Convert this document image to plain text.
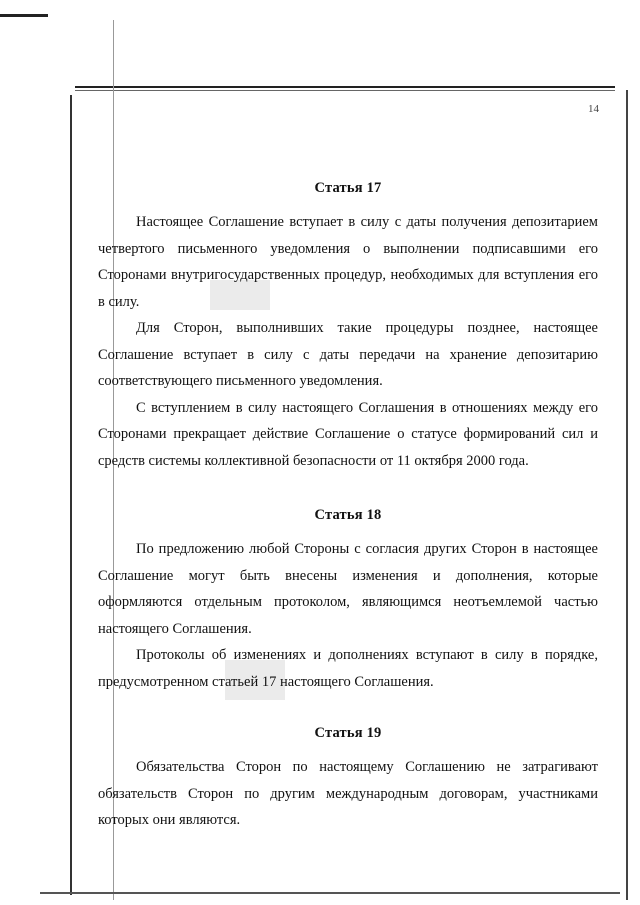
14
Статья 17

Настоящее Соглашение вступает в силу с даты получения депозитарием четвертого письменного уведомления о выполнении подписавшими его Сторонами внутригосударственных процедур, необходимых для вступления его в силу.

Для Сторон, выполнивших такие процедуры позднее, настоящее Соглашение вступает в силу с даты передачи на хранение депозитарию соответствующего письменного уведомления.

С вступлением в силу настоящего Соглашения в отношениях между его Сторонами прекращает действие Соглашение о статусе формирований сил и средств системы коллективной безопасности от 11 октября 2000 года.

Статья 18

По предложению любой Стороны с согласия других Сторон в настоящее Соглашение могут быть внесены изменения и дополнения, которые оформляются отдельным протоколом, являющимся неотъемлемой частью настоящего Соглашения.

Протоколы об изменениях и дополнениях вступают в силу в порядке, предусмотренном статьей 17 настоящего Соглашения.

Статья 19

Обязательства Сторон по настоящему Соглашению не затрагивают обязательств Сторон по другим международным договорам, участниками которых они являются.
